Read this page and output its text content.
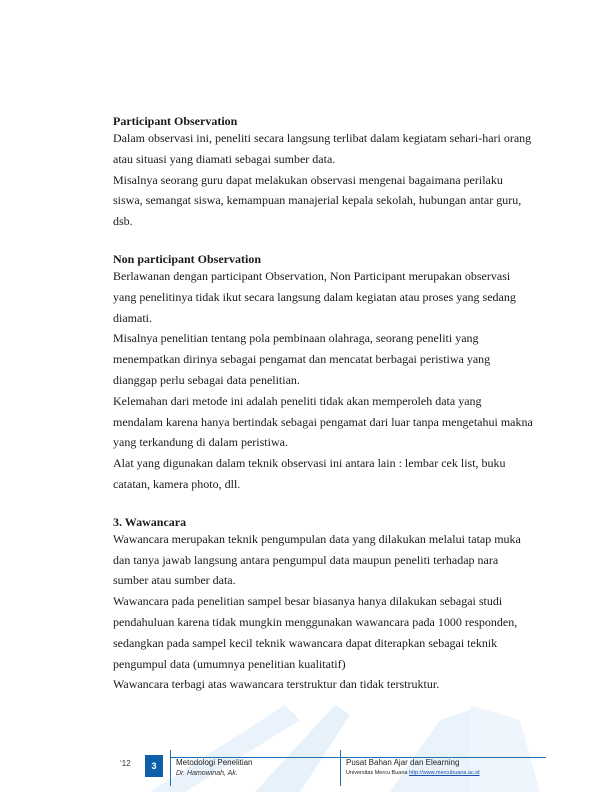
Participant Observation

Dalam observasi ini, peneliti secara langsung terlibat dalam kegiatam sehari-hari orang atau situasi yang diamati sebagai sumber data.

Misalnya seorang guru dapat melakukan observasi mengenai bagaimana perilaku siswa, semangat siswa, kemampuan manajerial kepala sekolah, hubungan antar guru, dsb.

Non participant Observation

Berlawanan dengan participant Observation, Non Participant merupakan observasi yang penelitinya tidak ikut secara langsung dalam kegiatan atau proses yang sedang diamati.

Misalnya penelitian tentang pola pembinaan olahraga, seorang peneliti yang menempatkan dirinya sebagai pengamat dan mencatat berbagai peristiwa yang dianggap perlu sebagai data penelitian.

Kelemahan dari metode ini adalah peneliti tidak akan memperoleh data yang mendalam karena hanya bertindak sebagai pengamat dari luar tanpa mengetahui makna yang terkandung di dalam peristiwa.

Alat yang digunakan dalam teknik observasi ini antara lain : lembar cek list, buku catatan, kamera photo, dll.

3. Wawancara

Wawancara merupakan teknik pengumpulan data yang dilakukan melalui tatap muka dan tanya jawab langsung antara pengumpul data maupun peneliti terhadap nara sumber atau sumber data.

Wawancara pada penelitian sampel besar biasanya hanya dilakukan sebagai studi pendahuluan karena tidak mungkin menggunakan wawancara pada 1000 responden, sedangkan pada sampel kecil teknik wawancara dapat diterapkan sebagai teknik pengumpul data (umumnya penelitian kualitatif)

Wawancara terbagi atas wawancara terstruktur dan tidak terstruktur.

‘12	3	Metodologi Penelitian
Dr. Hamowinah, Ak.
Pusat Bahan Ajar dan Elearning
Universitas Mercu Buana http://www.mercubuana.ac.id
